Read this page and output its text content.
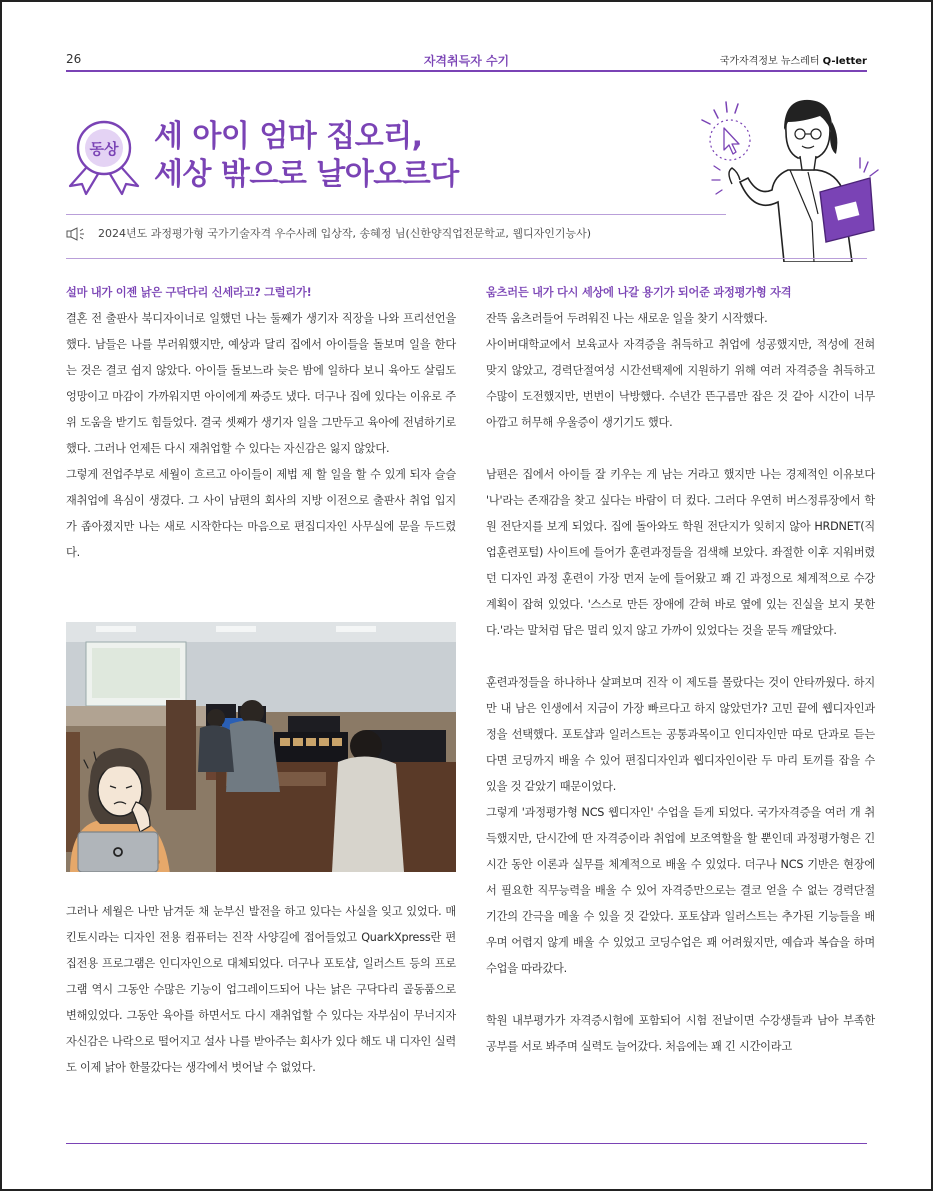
26	자격취득자 수기	국가자격정보 뉴스레터 Q-letter
동상 세 아이 엄마 집오리,
세상 밖으로 날아오르다
2024년도 과정평가형 국가기술자격 우수사례 입상작, 송혜정 님(신한양직업전문학교, 웹디자인기능사)

설마 내가 이젠 낡은 구닥다리 신세라고? 그럴리가!

결혼 전 출판사 북디자이너로 일했던 나는 둘째가 생기자 직장을 나와 프리선언을 했다. 남들은 나를 부러워했지만, 예상과 달리 집에서 아이들을 돌보며 일을 한다는 것은 결코 쉽지 않았다. 아이들 돌보느라 늦은 밤에 일하다 보니 육아도 살림도 엉망이고 마감이 가까워지면 아이에게 짜증도 냈다. 더구나 집에 있다는 이유로 주위 도움을 받기도 힘들었다. 결국 셋째가 생기자 일을 그만두고 육아에 전념하기로 했다. 그러나 언제든 다시 재취업할 수 있다는 자신감은 잃지 않았다.

그렇게 전업주부로 세월이 흐르고 아이들이 제법 제 할 일을 할 수 있게 되자 슬슬 재취업에 욕심이 생겼다. 그 사이 남편의 회사의 지방 이전으로 출판사 취업 입지가 좁아졌지만 나는 새로 시작한다는 마음으로 편집디자인 사무실에 문을 두드렸다.

그러나 세월은 나만 남겨둔 채 눈부신 발전을 하고 있다는 사실을 잊고 있었다. 매킨토시라는 디자인 전용 컴퓨터는 진작 사양길에 접어들었고 QuarkXpress란 편집전용 프로그램은 인디자인으로 대체되었다. 더구나 포토샵, 일러스트 등의 프로그램 역시 그동안 수많은 기능이 업그레이드되어 나는 낡은 구닥다리 골동품으로 변해있었다. 그동안 육아를 하면서도 다시 재취업할 수 있다는 자부심이 무너지자 자신감은 나락으로 떨어지고 설사 나를 받아주는 회사가 있다 해도 내 디자인 실력도 이제 낡아 한물갔다는 생각에서 벗어날 수 없었다.

움츠러든 내가 다시 세상에 나갈 용기가 되어준 과정평가형 자격

잔뜩 움츠러들어 두려워진 나는 새로운 일을 찾기 시작했다.

사이버대학교에서 보육교사 자격증을 취득하고 취업에 성공했지만, 적성에 전혀 맞지 않았고, 경력단절여성 시간선택제에 지원하기 위해 여러 자격증을 취득하고 수많이 도전했지만, 번번이 낙방했다. 수년간 뜬구름만 잡은 것 같아 시간이 너무 아깝고 허무해 우울증이 생기기도 했다.

남편은 집에서 아이들 잘 키우는 게 남는 거라고 했지만 나는 경제적인 이유보다 '나'라는 존재감을 찾고 싶다는 바람이 더 컸다. 그러다 우연히 버스정류장에서 학원 전단지를 보게 되었다. 집에 돌아와도 학원 전단지가 잊히지 않아 HRDNET(직업훈련포털) 사이트에 들어가 훈련과정들을 검색해 보았다. 좌절한 이후 지워버렸던 디자인 과정 훈련이 가장 먼저 눈에 들어왔고 꽤 긴 과정으로 체계적으로 수강 계획이 잡혀 있었다. '스스로 만든 장애에 갇혀 바로 옆에 있는 진실을 보지 못한다.'라는 말처럼 답은 멀리 있지 않고 가까이 있었다는 것을 문득 깨달았다.

훈련과정들을 하나하나 살펴보며 진작 이 제도를 몰랐다는 것이 안타까웠다. 하지만 내 남은 인생에서 지금이 가장 빠르다고 하지 않았던가? 고민 끝에 웹디자인과정을 선택했다. 포토샵과 일러스트는 공통과목이고 인디자인만 따로 단과로 듣는다면 코딩까지 배울 수 있어 편집디자인과 웹디자인이란 두 마리 토끼를 잡을 수 있을 것 같았기 때문이었다.

그렇게 '과정평가형 NCS 웹디자인' 수업을 듣게 되었다. 국가자격증을 여러 개 취득했지만, 단시간에 딴 자격증이라 취업에 보조역할을 할 뿐인데 과정평가형은 긴 시간 동안 이론과 실무를 체계적으로 배울 수 있었다. 더구나 NCS 기반은 현장에서 필요한 직무능력을 배울 수 있어 자격증만으로는 결코 얻을 수 없는 경력단절 기간의 간극을 메울 수 있을 것 같았다. 포토샵과 일러스트는 추가된 기능들을 배우며 어렵지 않게 배울 수 있었고 코딩수업은 꽤 어려웠지만, 예습과 복습을 하며 수업을 따라갔다.

학원 내부평가가 자격증시험에 포함되어 시험 전날이면 수강생들과 남아 부족한 공부를 서로 봐주며 실력도 늘어갔다. 처음에는 꽤 긴 시간이라고
